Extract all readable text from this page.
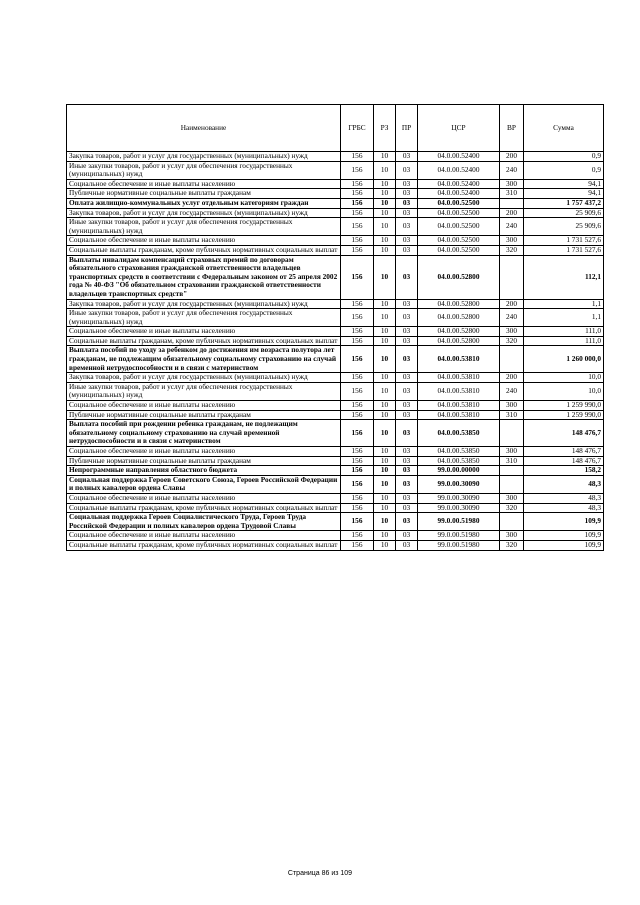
Наименование	ГРБС	РЗ	ПР	ЦСР	ВР	Сумма
Закупка товаров, работ и услуг для государственных (муниципальных) нужд	156	10	03	04.0.00.52400	200	0,9
Иные закупки товаров, работ и услуг для обеспечения государственных (муниципальных) нужд	156	10	03	04.0.00.52400	240	0,9
Социальное обеспечение и иные выплаты населению	156	10	03	04.0.00.52400	300	94,1
Публичные нормативные социальные выплаты гражданам	156	10	03	04.0.00.52400	310	94,1
Оплата жилищно-коммунальных услуг отдельным категориям граждан	156	10	03	04.0.00.52500		1 757 437,2
Закупка товаров, работ и услуг для государственных (муниципальных) нужд	156	10	03	04.0.00.52500	200	25 909,6
Иные закупки товаров, работ и услуг для обеспечения государственных (муниципальных) нужд	156	10	03	04.0.00.52500	240	25 909,6
Социальное обеспечение и иные выплаты населению	156	10	03	04.0.00.52500	300	1 731 527,6
Социальные выплаты гражданам, кроме публичных нормативных социальных выплат	156	10	03	04.0.00.52500	320	1 731 527,6
Выплаты инвалидам компенсаций страховых премий по договорам обязательного страхования гражданской ответственности владельцев транспортных средств в соответствии с Федеральным законом от 25 апреля 2002 года № 40-ФЗ "Об обязательном страховании гражданской ответственности владельцев транспортных средств"	156	10	03	04.0.00.52800		112,1
Закупка товаров, работ и услуг для государственных (муниципальных) нужд	156	10	03	04.0.00.52800	200	1,1
Иные закупки товаров, работ и услуг для обеспечения государственных (муниципальных) нужд	156	10	03	04.0.00.52800	240	1,1
Социальное обеспечение и иные выплаты населению	156	10	03	04.0.00.52800	300	111,0
Социальные выплаты гражданам, кроме публичных нормативных социальных выплат	156	10	03	04.0.00.52800	320	111,0
Выплата пособий по уходу за ребенком до достижения им возраста полутора лет гражданам, не подлежащим обязательному социальному страхованию на случай временной нетрудоспособности и в связи с материнством	156	10	03	04.0.00.53810		1 260 000,0
Закупка товаров, работ и услуг для государственных (муниципальных) нужд	156	10	03	04.0.00.53810	200	10,0
Иные закупки товаров, работ и услуг для обеспечения государственных (муниципальных) нужд	156	10	03	04.0.00.53810	240	10,0
Социальное обеспечение и иные выплаты населению	156	10	03	04.0.00.53810	300	1 259 990,0
Публичные нормативные социальные выплаты гражданам	156	10	03	04.0.00.53810	310	1 259 990,0
Выплата пособий при рождении ребенка гражданам, не подлежащим обязательному социальному страхованию на случай временной нетрудоспособности и в связи с материнством	156	10	03	04.0.00.53850		148 476,7
Социальное обеспечение и иные выплаты населению	156	10	03	04.0.00.53850	300	148 476,7
Публичные нормативные социальные выплаты гражданам	156	10	03	04.0.00.53850	310	148 476,7
Непрограммные направления областного бюджета	156	10	03	99.0.00.00000		158,2
Социальная поддержка Героев Советского Союза, Героев Российской Федерации и полных кавалеров ордена Славы	156	10	03	99.0.00.30090		48,3
Социальное обеспечение и иные выплаты населению	156	10	03	99.0.00.30090	300	48,3
Социальные выплаты гражданам, кроме публичных нормативных социальных выплат	156	10	03	99.0.00.30090	320	48,3
Социальная поддержка Героев Социалистического Труда, Героев Труда Российской Федерации и полных кавалеров ордена Трудовой Славы	156	10	03	99.0.00.51980		109,9
Социальное обеспечение и иные выплаты населению	156	10	03	99.0.00.51980	300	109,9
Социальные выплаты гражданам, кроме публичных нормативных социальных выплат	156	10	03	99.0.00.51980	320	109,9
Страница 86 из 109
